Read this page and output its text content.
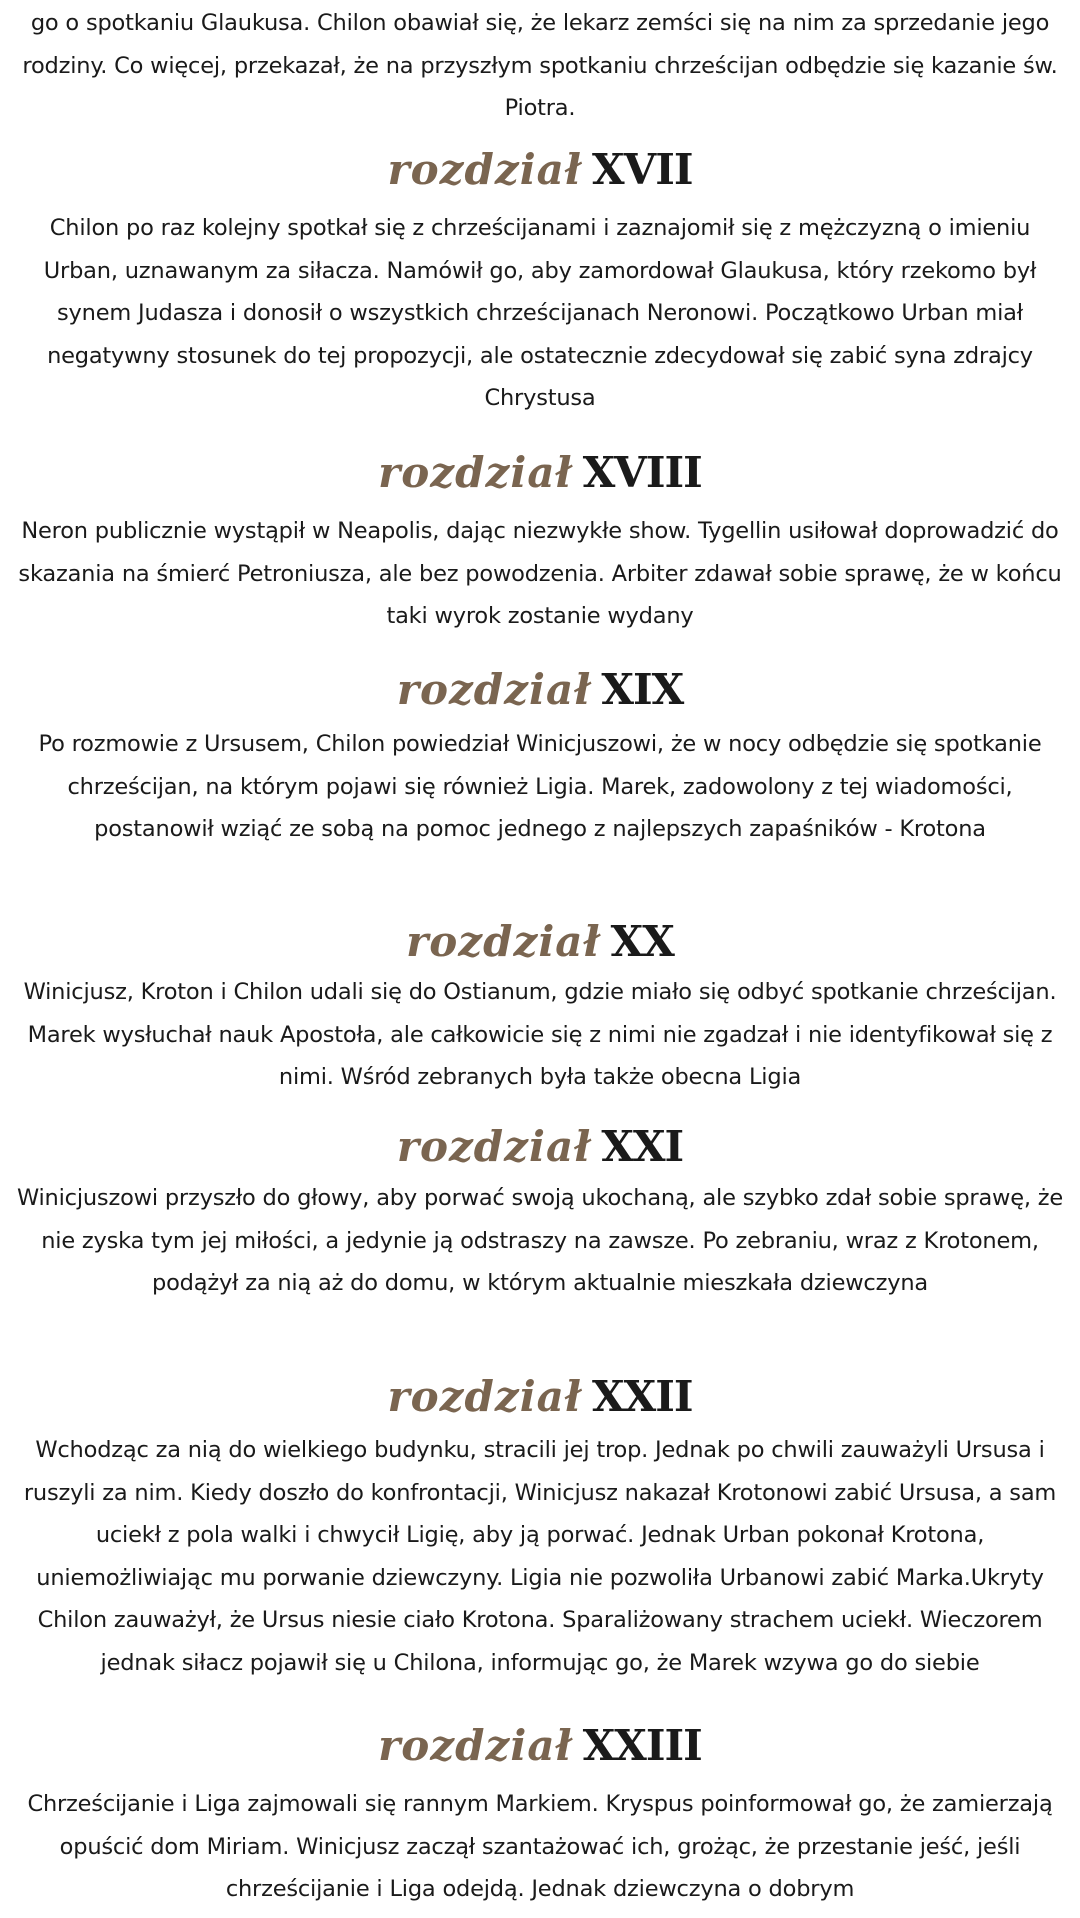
go o spotkaniu Glaukusa. Chilon obawiał się, że lekarz zemści się na nim za sprzedanie jego rodziny. Co więcej, przekazał, że na przyszłym spotkaniu chrześcijan odbędzie się kazanie św. Piotra.

rozdział XVII

Chilon po raz kolejny spotkał się z chrześcijanami i zaznajomił się z mężczyzną o imieniu Urban, uznawanym za siłacza. Namówił go, aby zamordował Glaukusa, który rzekomo był synem Judasza i donosił o wszystkich chrześcijanach Neronowi. Początkowo Urban miał negatywny stosunek do tej propozycji, ale ostatecznie zdecydował się zabić syna zdrajcy Chrystusa

rozdział XVIII

Neron publicznie wystąpił w Neapolis, dając niezwykłe show. Tygellin usiłował doprowadzić do skazania na śmierć Petroniusza, ale bez powodzenia. Arbiter zdawał sobie sprawę, że w końcu taki wyrok zostanie wydany

rozdział XIX

Po rozmowie z Ursusem, Chilon powiedział Winicjuszowi, że w nocy odbędzie się spotkanie chrześcijan, na którym pojawi się również Ligia. Marek, zadowolony z tej wiadomości, postanowił wziąć ze sobą na pomoc jednego z najlepszych zapaśników - Krotona

rozdział XX

Winicjusz, Kroton i Chilon udali się do Ostianum, gdzie miało się odbyć spotkanie chrześcijan. Marek wysłuchał nauk Apostoła, ale całkowicie się z nimi nie zgadzał i nie identyfikował się z nimi. Wśród zebranych była także obecna Ligia

rozdział XXI

Winicjuszowi przyszło do głowy, aby porwać swoją ukochaną, ale szybko zdał sobie sprawę, że nie zyska tym jej miłości, a jedynie ją odstraszy na zawsze. Po zebraniu, wraz z Krotonem, podążył za nią aż do domu, w którym aktualnie mieszkała dziewczyna

rozdział XXII

Wchodząc za nią do wielkiego budynku, stracili jej trop. Jednak po chwili zauważyli Ursusa i ruszyli za nim. Kiedy doszło do konfrontacji, Winicjusz nakazał Krotonowi zabić Ursusa, a sam uciekł z pola walki i chwycił Ligię, aby ją porwać. Jednak Urban pokonał Krotona, uniemożliwiając mu porwanie dziewczyny. Ligia nie pozwoliła Urbanowi zabić Marka.Ukryty Chilon zauważył, że Ursus niesie ciało Krotona. Sparaliżowany strachem uciekł. Wieczorem jednak siłacz pojawił się u Chilona, informując go, że Marek wzywa go do siebie

rozdział XXIII

Chrześcijanie i Liga zajmowali się rannym Markiem. Kryspus poinformował go, że zamierzają opuścić dom Miriam. Winicjusz zaczął szantażować ich, grożąc, że przestanie jeść, jeśli chrześcijanie i Liga odejdą. Jednak dziewczyna o dobrym
